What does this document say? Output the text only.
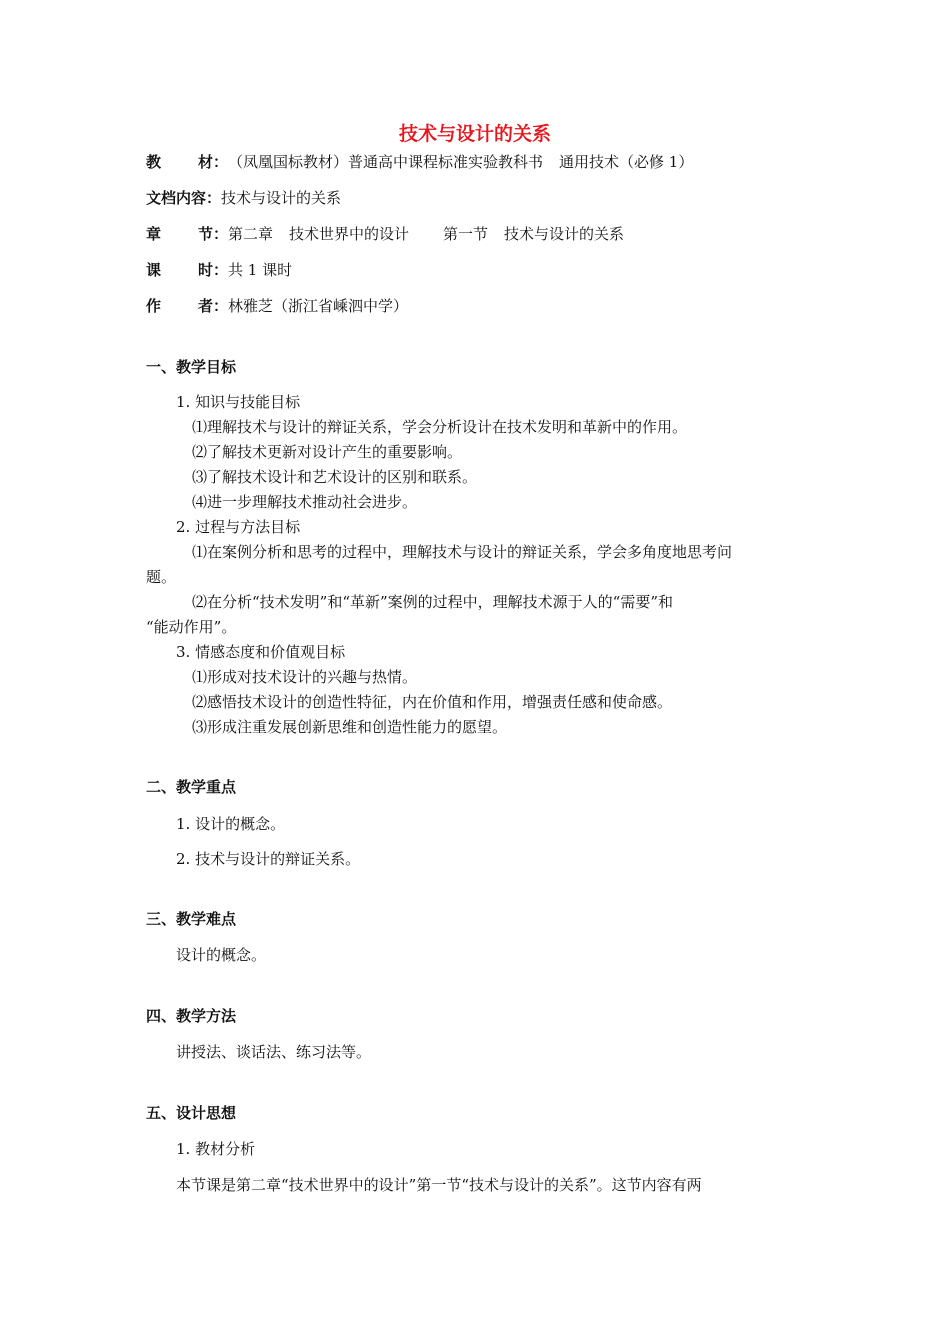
技术与设计的关系
教 材： （凤凰国标教材）普通高中课程标准实验教科书 通用技术（必修 1）
文档内容：技术与设计的关系
章 节： 第二章 技术世界中的设计 第一节 技术与设计的关系
课 时： 共 1 课时
作 者： 林雅芝（浙江省嵊泗中学）
一、教学目标
1. 知识与技能目标
⑴理解技术与设计的辩证关系，学会分析设计在技术发明和革新中的作用。
⑵了解技术更新对设计产生的重要影响。
⑶了解技术设计和艺术设计的区别和联系。
⑷进一步理解技术推动社会进步。
2. 过程与方法目标
⑴在案例分析和思考的过程中，理解技术与设计的辩证关系，学会多角度地思考问
题。
⑵在分析“技术发明”和“革新”案例的过程中，理解技术源于人的“需要”和
“能动作用”。
3. 情感态度和价值观目标
⑴形成对技术设计的兴趣与热情。
⑵感悟技术设计的创造性特征，内在价值和作用，增强责任感和使命感。
⑶形成注重发展创新思维和创造性能力的愿望。
二、教学重点
1. 设计的概念。
2. 技术与设计的辩证关系。
三、教学难点
设计的概念。
四、教学方法
讲授法、谈话法、练习法等。
五、设计思想
1. 教材分析
本节课是第二章“技术世界中的设计”第一节“技术与设计的关系”。这节内容有两
